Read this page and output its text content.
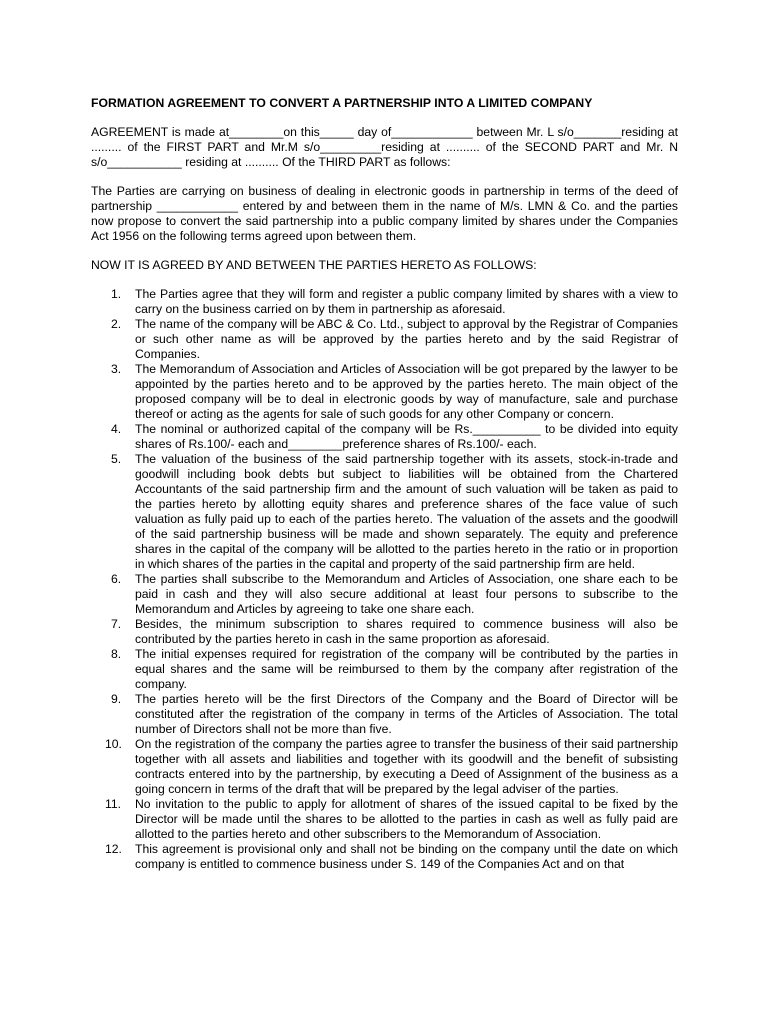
FORMATION AGREEMENT TO CONVERT A PARTNERSHIP INTO A LIMITED COMPANY

AGREEMENT is made at________on this_____ day of____________ between Mr. L s/o_______residing at ......... of the FIRST PART and Mr.M s/o_________residing at .......... of the SECOND PART and Mr. N s/o___________ residing at .......... Of the THIRD PART as follows:

The Parties are carrying on business of dealing in electronic goods in partnership in terms of the deed of partnership ____________ entered by and between them in the name of M/s. LMN & Co. and the parties now propose to convert the said partnership into a public company limited by shares under the Companies Act 1956 on the following terms agreed upon between them.

NOW IT IS AGREED BY AND BETWEEN THE PARTIES HERETO AS FOLLOWS:

1.	The Parties agree that they will form and register a public company limited by shares with a view to carry on the business carried on by them in partnership as aforesaid.
2.	The name of the company will be ABC & Co. Ltd., subject to approval by the Registrar of Companies or such other name as will be approved by the parties hereto and by the said Registrar of Companies.
3.	The Memorandum of Association and Articles of Association will be got prepared by the lawyer to be appointed by the parties hereto and to be approved by the parties hereto. The main object of the proposed company will be to deal in electronic goods by way of manufacture, sale and purchase thereof or acting as the agents for sale of such goods for any other Company or concern.
4.	The nominal or authorized capital of the company will be Rs.__________ to be divided into equity shares of Rs.100/- each and________preference shares of Rs.100/- each.
5.	The valuation of the business of the said partnership together with its assets, stock-in-trade and goodwill including book debts but subject to liabilities will be obtained from the Chartered Accountants of the said partnership firm and the amount of such valuation will be taken as paid to the parties hereto by allotting equity shares and preference shares of the face value of such valuation as fully paid up to each of the parties hereto. The valuation of the assets and the goodwill of the said partnership business will be made and shown separately. The equity and preference shares in the capital of the company will be allotted to the parties hereto in the ratio or in proportion in which shares of the parties in the capital and property of the said partnership firm are held.
6.	The parties shall subscribe to the Memorandum and Articles of Association, one share each to be paid in cash and they will also secure additional at least four persons to subscribe to the Memorandum and Articles by agreeing to take one share each.
7.	Besides, the minimum subscription to shares required to commence business will also be contributed by the parties hereto in cash in the same proportion as aforesaid.
8.	The initial expenses required for registration of the company will be contributed by the parties in equal shares and the same will be reimbursed to them by the company after registration of the company.
9.	The parties hereto will be the first Directors of the Company and the Board of Director will be constituted after the registration of the company in terms of the Articles of Association. The total number of Directors shall not be more than five.
10.	On the registration of the company the parties agree to transfer the business of their said partnership together with all assets and liabilities and together with its goodwill and the benefit of subsisting contracts entered into by the partnership, by executing a Deed of Assignment of the business as a going concern in terms of the draft that will be prepared by the legal adviser of the parties.
11.	No invitation to the public to apply for allotment of shares of the issued capital to be fixed by the Director will be made until the shares to be allotted to the parties in cash as well as fully paid are allotted to the parties hereto and other subscribers to the Memorandum of Association.
12.	This agreement is provisional only and shall not be binding on the company until the date on which company is entitled to commence business under S. 149 of the Companies Act and on that
